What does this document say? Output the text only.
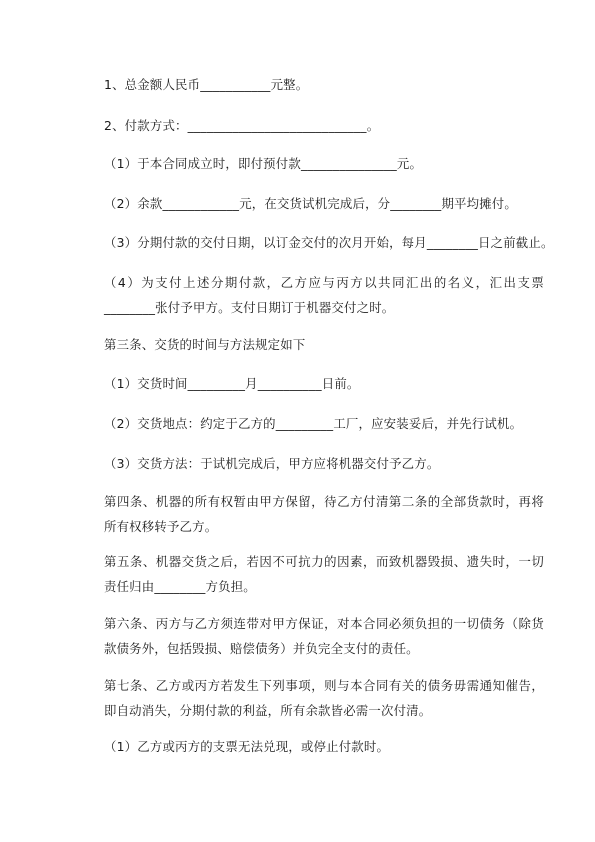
1、总金额人民币___________元整。

2、付款方式：____________________________。

（1）于本合同成立时，即付预付款_______________元。

（2）余款____________元，在交货试机完成后，分________期平均摊付。

（3）分期付款的交付日期，以订金交付的次月开始，每月________日之前截止。

（4）为支付上述分期付款，乙方应与丙方以共同汇出的名义，汇出支票________张付予甲方。支付日期订于机器交付之时。

第三条、交货的时间与方法规定如下

（1）交货时间_________月__________日前。

（2）交货地点：约定于乙方的_________工厂，应安装妥后，并先行试机。

（3）交货方法：于试机完成后，甲方应将机器交付予乙方。

第四条、机器的所有权暂由甲方保留，待乙方付清第二条的全部货款时，再将所有权移转予乙方。

第五条、机器交货之后，若因不可抗力的因素，而致机器毁损、遗失时，一切责任归由________方负担。

第六条、丙方与乙方须连带对甲方保证，对本合同必须负担的一切债务（除货款债务外，包括毁损、赔偿债务）并负完全支付的责任。

第七条、乙方或丙方若发生下列事项，则与本合同有关的债务毋需通知催告，即自动消失，分期付款的利益，所有余款皆必需一次付清。

（1）乙方或丙方的支票无法兑现，或停止付款时。
